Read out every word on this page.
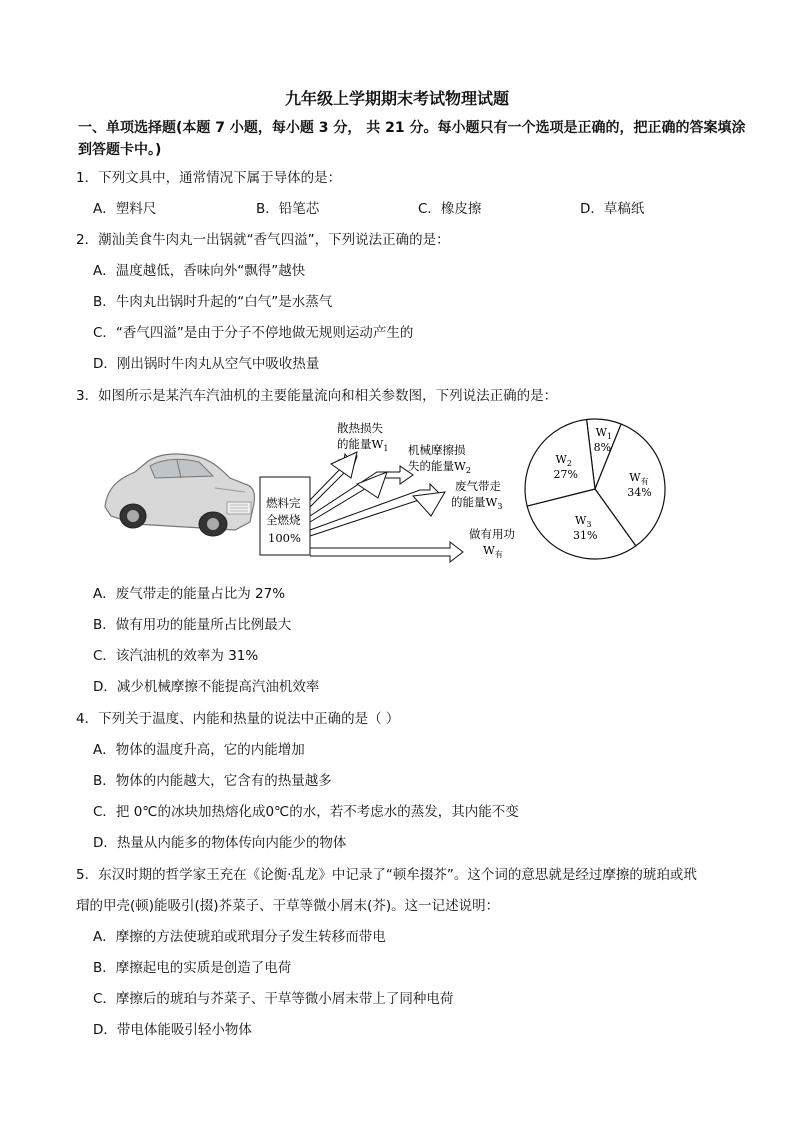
九年级上学期期末考试物理试题
一、单项选择题(本题 7 小题，每小题 3 分， 共 21 分。每小题只有一个选项是正确的，把正确的答案填涂到答题卡中。)
1．下列文具中，通常情况下属于导体的是：
A．塑料尺	B．铅笔芯	C．橡皮擦	D．草稿纸
2．潮汕美食牛肉丸一出锅就“香气四溢”，下列说法正确的是：
A．温度越低，香味向外“飘得”越快
B．牛肉丸出锅时升起的“白气”是水蒸气
C．“香气四溢”是由于分子不停地做无规则运动产生的
D．刚出锅时牛肉丸从空气中吸收热量
3．如图所示是某汽车汽油机的主要能量流向和相关参数图，下列说法正确的是：
燃料完
全燃烧
100%
散热损失
的能量$W_1$ 机械摩擦损
失的能量$W_2$
废气带走
的能量$W_3$
做有用功
$W_有$
$W_1$
8%
$W_有$
34%
$W_3$
31%
$W_2$
27%
A．废气带走的能量占比为 27%
B．做有用功的能量所占比例最大
C．该汽油机的效率为 31%
D．减少机械摩擦不能提高汽油机效率
4．下列关于温度、内能和热量的说法中正确的是（ ）
A．物体的温度升高，它的内能增加
B．物体的内能越大，它含有的热量越多
C．把 0℃的冰块加热熔化成0℃的水，若不考虑水的蒸发，其内能不变
D．热量从内能多的物体传向内能少的物体
5．东汉时期的哲学家王充在《论衡·乱龙》中记录了“顿牟掇芥”。这个词的意思就是经过摩擦的琥珀或玳
瑁的甲壳(顿)能吸引(掇)芥菜子、干草等微小屑末(芥)。这一记述说明：
A．摩擦的方法使琥珀或玳瑁分子发生转移而带电
B．摩擦起电的实质是创造了电荷
C．摩擦后的琥珀与芥菜子、干草等微小屑末带上了同种电荷
D．带电体能吸引轻小物体
